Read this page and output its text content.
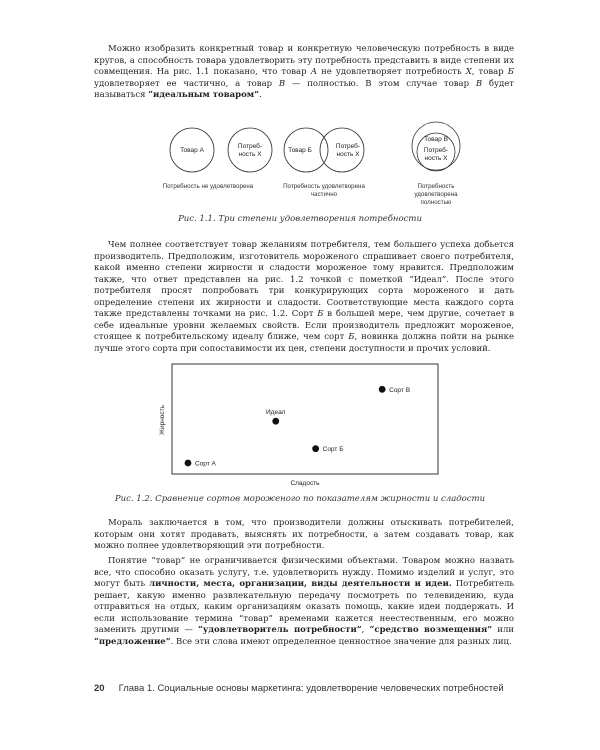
Можно изобразить конкретный товар и конкретную человеческую потребность в виде кругов, а способность товара удовлетворить эту потребность представить в виде степени их совмещения. На рис. 1.1 показано, что товар А не удовлетворяет потребность Х, товар Б удовлетворяет ее частично, а товар В — полностью. В этом случае товар В будет называться “идеальным товаром”.

Товар А
Потреб-
ность Х
Потребность не удовлетворена
Товар Б
Потреб-
ность Х
Потребность удовлетворена
частично
Товар В
Потреб-
ность Х
Потребность
удовлетворена
полностью
Рис. 1.1. Три степени удовлетворения потребности

Чем полнее соответствует товар желаниям потребителя, тем большего успеха добьется производитель. Предположим, изготовитель мороженого спрашивает своего потребителя, какой именно степени жирности и сладости мороженое тому нравится. Предположим также, что ответ представлен на рис. 1.2 точкой с пометкой “Идеал”. После этого потребителя просят попробовать три конкурирующих сорта мороженого и дать определение степени их жирности и сладости. Соответствующие места каждого сорта также представлены точками на рис. 1.2. Сорт Б в большей мере, чем другие, сочетает в себе идеальные уровни желаемых свойств. Если производитель предложит мороженое, стоящее к потребительскому идеалу ближе, чем сорт Б, новинка должна пойти на рынке лучше этого сорта при сопоставимости их цен, степени доступности и прочих условий.

Жирность
Сладость
Сорт В
Идеал
Сорт Б
Сорт А
Рис. 1.2. Сравнение сортов мороженого по показателям жирности и сладости

Мораль заключается в том, что производители должны отыскивать потребителей, которым они хотят продавать, выяснять их потребности, а затем создавать товар, как можно полнее удовлетворяющий эти потребности.

Понятие “товар” не ограничивается физическими объектами. Товаром можно назвать все, что способно оказать услугу, т.е. удовлетворить нужду. Помимо изделий и услуг, это могут быть личности, места, организации, виды деятельности и идеи. Потребитель решает, какую именно развлекательную передачу посмотреть по телевидению, куда отправиться на отдых, каким организациям оказать помощь, какие идеи поддержать. И если использование термина “товар” временами кажется неестественным, его можно заменить другими — “удовлетворитель потребности”, “средство возмещения” или “предложение”. Все эти слова имеют определенное ценностное значение для разных лиц.

20 Глава 1. Социальные основы маркетинга: удовлетворение человеческих потребностей
